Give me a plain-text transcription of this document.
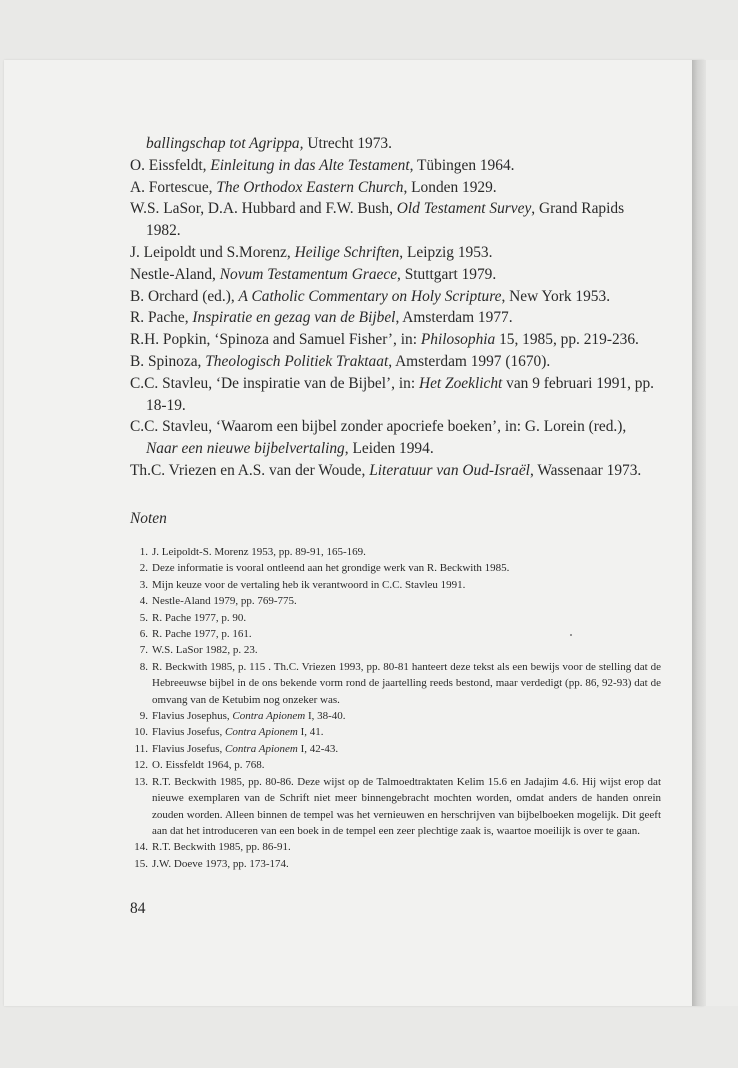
ballingschap tot Agrippa, Utrecht 1973.

O. Eissfeldt, Einleitung in das Alte Testament, Tübingen 1964.

A. Fortescue, The Orthodox Eastern Church, Londen 1929.

W.S. LaSor, D.A. Hubbard and F.W. Bush, Old Testament Survey, Grand Rapids 1982.

J. Leipoldt und S.Morenz, Heilige Schriften, Leipzig 1953.

Nestle-Aland, Novum Testamentum Graece, Stuttgart 1979.

B. Orchard (ed.), A Catholic Commentary on Holy Scripture, New York 1953.

R. Pache, Inspiratie en gezag van de Bijbel, Amsterdam 1977.

R.H. Popkin, ‘Spinoza and Samuel Fisher’, in: Philosophia 15, 1985, pp. 219-236.

B. Spinoza, Theologisch Politiek Traktaat, Amsterdam 1997 (1670).

C.C. Stavleu, ‘De inspiratie van de Bijbel’, in: Het Zoeklicht van 9 februari 1991, pp. 18-19.

C.C. Stavleu, ‘Waarom een bijbel zonder apocriefe boeken’, in: G. Lorein (red.), Naar een nieuwe bijbelvertaling, Leiden 1994.

Th.C. Vriezen en A.S. van der Woude, Literatuur van Oud-Israël, Wassenaar 1973.

Noten
1. J. Leipoldt-S. Morenz 1953, pp. 89-91, 165-169.
2. Deze informatie is vooral ontleend aan het grondige werk van R. Beckwith 1985.
3. Mijn keuze voor de vertaling heb ik verantwoord in C.C. Stavleu 1991.
4. Nestle-Aland 1979, pp. 769-775.
5. R. Pache 1977, p. 90.
6. R. Pache 1977, p. 161.
7. W.S. LaSor 1982, p. 23.
8. R. Beckwith 1985, p. 115 . Th.C. Vriezen 1993, pp. 80-81 hanteert deze tekst als een bewijs voor de stelling dat de Hebreeuwse bijbel in de ons bekende vorm rond de jaartelling reeds bestond, maar verdedigt (pp. 86, 92-93) dat de omvang van de Ketubim nog onzeker was.
9. Flavius Josephus, Contra Apionem I, 38-40.
10. Flavius Josefus, Contra Apionem I, 41.
11. Flavius Josefus, Contra Apionem I, 42-43.
12. O. Eissfeldt 1964, p. 768.
13. R.T. Beckwith 1985, pp. 80-86. Deze wijst op de Talmoedtraktaten Kelim 15.6 en Jadajim 4.6. Hij wijst erop dat nieuwe exemplaren van de Schrift niet meer binnengebracht mochten worden, omdat anders de handen onrein zouden worden. Alleen binnen de tempel was het vernieuwen en herschrijven van bijbelboeken mogelijk. Dit geeft aan dat het introduceren van een boek in de tempel een zeer plechtige zaak is, waartoe moeilijk is over te gaan.
14. R.T. Beckwith 1985, pp. 86-91.
15. J.W. Doeve 1973, pp. 173-174.
84
